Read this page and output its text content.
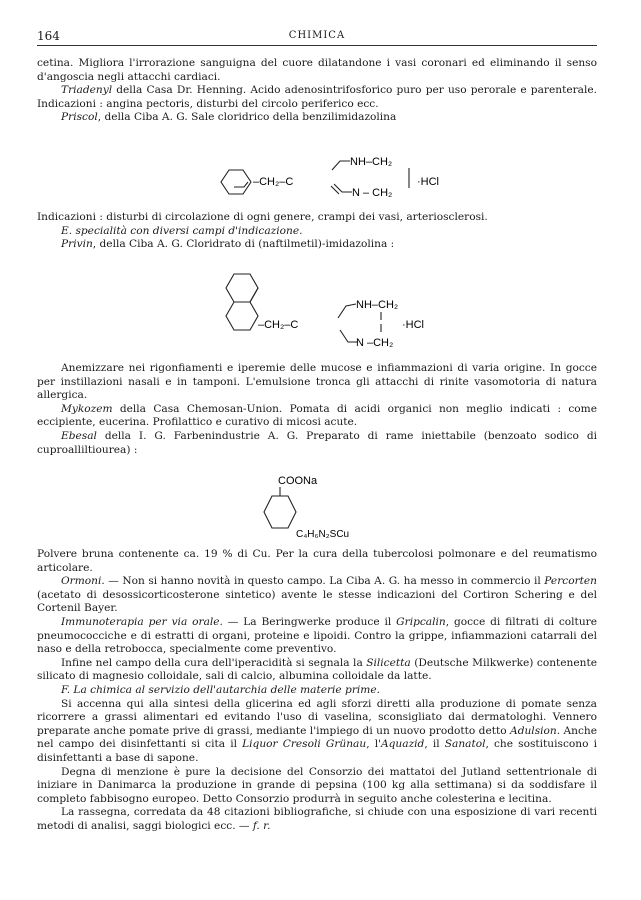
164	CHIMICA

cetina. Migliora l'irrorazione sanguigna del cuore dilatandone i vasi coronari ed eliminando il senso d'angoscia negli attacchi cardiaci.

Triadenyl della Casa Dr. Henning. Acido adenosintrifosforico puro per uso perorale e parenterale. Indicazioni : angina pectoris, disturbi del circolo periferico ecc.

Priscol, della Ciba A. G. Sale cloridrico della benzilimidazolina

–CH₂–C
NH–CH₂
N – CH₂
·HCl

Indicazioni : disturbi di circolazione di ogni genere, crampi dei vasi, arteriosclerosi.

E. specialità con diversi campi d'indicazione.

Privin, della Ciba A. G. Cloridrato di (naftilmetil)-imidazolina :

–CH₂–C
NH–CH₂
N –CH₂
·HCl

Anemizzare nei rigonfiamenti e iperemie delle mucose e infiammazioni di varia origine. In gocce per instillazioni nasali e in tamponi. L'emulsione tronca gli attacchi di rinite vasomotoria di natura allergica.

Mykozem della Casa Chemosan-Union. Pomata di acidi organici non meglio indicati : come eccipiente, eucerina. Profilattico e curativo di micosi acute.

Ebesal della I. G. Farbenindustrie A. G. Preparato di rame iniettabile (benzoato sodico di cuproalliltiourea) :

COONa
C₄H₆N₂SCu

Polvere bruna contenente ca. 19 % di Cu. Per la cura della tubercolosi polmonare e del reumatismo articolare.

Ormoni. — Non si hanno novità in questo campo. La Ciba A. G. ha messo in commercio il Percorten (acetato di desossicorticosterone sintetico) avente le stesse indicazioni del Cortiron Schering e del Cortenil Bayer.

Immunoterapia per via orale. — La Beringwerke produce il Gripcalin, gocce di filtrati di colture pneumococciche e di estratti di organi, proteine e lipoidi. Contro la grippe, infiammazioni catarrali del naso e della retrobocca, specialmente come preventivo.

Infine nel campo della cura dell'iperacidità si segnala la Silicetta (Deutsche Milkwerke) contenente silicato di magnesio colloidale, sali di calcio, albumina colloidale da latte.

F. La chimica al servizio dell'autarchia delle materie prime.

Si accenna qui alla sintesi della glicerina ed agli sforzi diretti alla produzione di pomate senza ricorrere a grassi alimentari ed evitando l'uso di vaselina, sconsigliato dai dermatologhi. Vennero preparate anche pomate prive di grassi, mediante l'impiego di un nuovo prodotto detto Adulsion. Anche nel campo dei disinfettanti si cita il Liquor Cresoli Grünau, l'Aquazid, il Sanatol, che sostituiscono i disinfettanti a base di sapone.

Degna di menzione è pure la decisione del Consorzio dei mattatoi del Jutland settentrionale di iniziare in Danimarca la produzione in grande di pepsina (100 kg alla settimana) si da soddisfare il completo fabbisogno europeo. Detto Consorzio produrrà in seguito anche colesterina e lecitina.

La rassegna, corredata da 48 citazioni bibliografiche, si chiude con una esposizione di vari recenti metodi di analisi, saggi biologici ecc. — f. r.
